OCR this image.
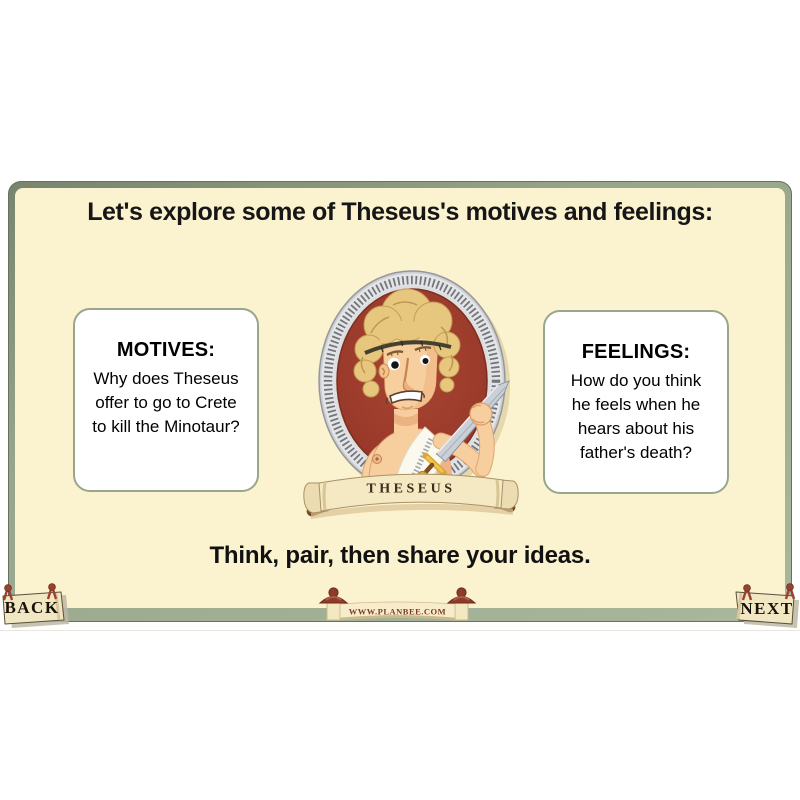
Let's explore some of Theseus's motives and feelings:
MOTIVES:
Why does Theseus offer to go to Crete to kill the Minotaur?
THESEUS
FEELINGS:
How do you think he feels when he hears about his father's death?
Think, pair, then share your ideas.
BACK	WWW.PLANBEE.COM	NEXT
